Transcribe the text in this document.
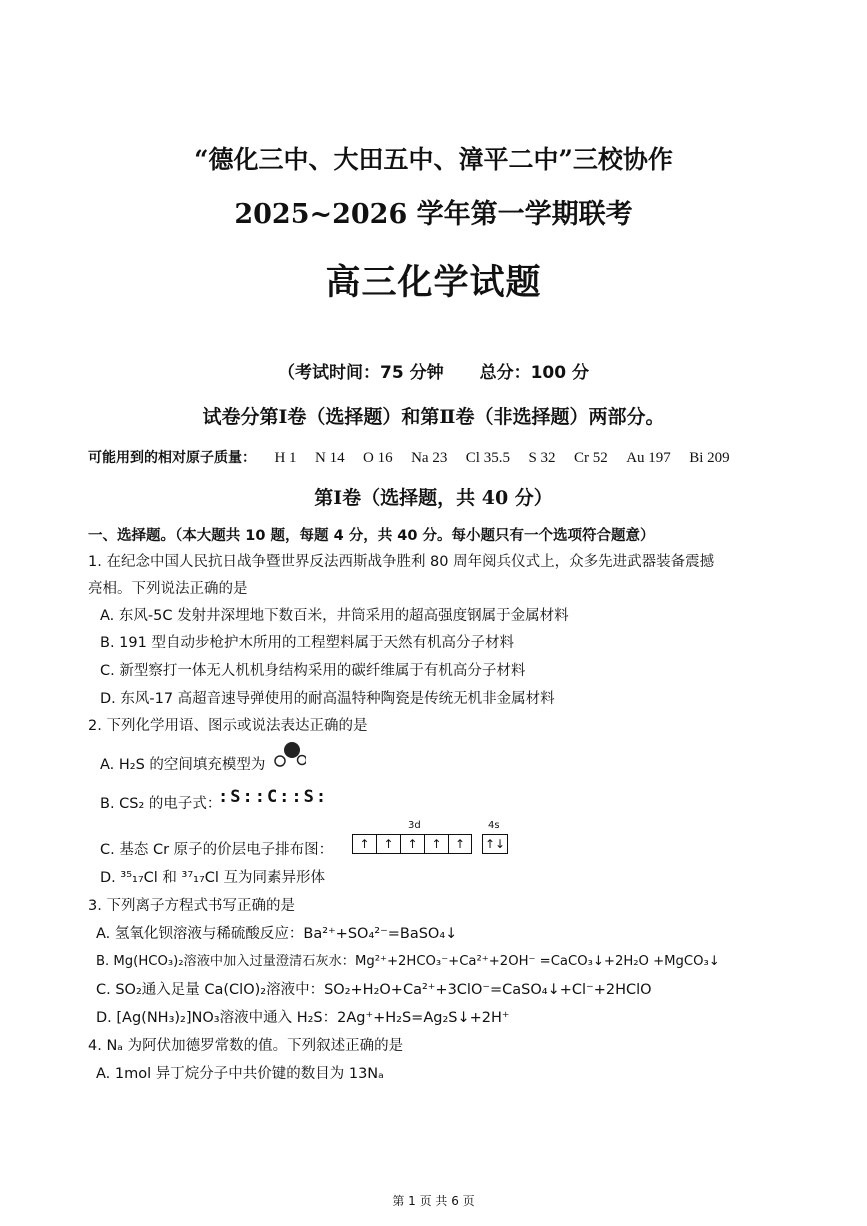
“德化三中、大田五中、漳平二中”三校协作
2025~2026 学年第一学期联考
高三化学试题
（考试时间：75 分钟 总分：100 分
试卷分第Ⅰ卷（选择题）和第Ⅱ卷（非选择题）两部分。
可能用到的相对原子质量： H 1 N 14 O 16 Na 23 Cl 35.5 S 32 Cr 52 Au 197 Bi 209
第Ⅰ卷（选择题，共 40 分）
一、选择题。（本大题共 10 题，每题 4 分，共 40 分。每小题只有一个选项符合题意）
1. 在纪念中国人民抗日战争暨世界反法西斯战争胜利 80 周年阅兵仪式上，众多先进武器装备震撼
亮相。下列说法正确的是
A. 东风-5C 发射井深埋地下数百米，井筒采用的超高强度钢属于金属材料
B. 191 型自动步枪护木所用的工程塑料属于天然有机高分子材料
C. 新型察打一体无人机机身结构采用的碳纤维属于有机高分子材料
D. 东风-17 高超音速导弹使用的耐高温特种陶瓷是传统无机非金属材料
2. 下列化学用语、图示或说法表达正确的是
A. H₂S 的空间填充模型为
B. CS₂ 的电子式：
:S::C::S:
C. 基态 Cr 原子的价层电子排布图：
3d	4s
↑	↑	↑	↑	↑	↑↓
D. ³⁵₁₇Cl 和 ³⁷₁₇Cl 互为同素异形体
3. 下列离子方程式书写正确的是
A. 氢氧化钡溶液与稀硫酸反应：Ba²⁺+SO₄²⁻=BaSO₄↓
B. Mg(HCO₃)₂溶液中加入过量澄清石灰水：Mg²⁺+2HCO₃⁻+Ca²⁺+2OH⁻ =CaCO₃↓+2H₂O +MgCO₃↓
C. SO₂通入足量 Ca(ClO)₂溶液中：SO₂+H₂O+Ca²⁺+3ClO⁻=CaSO₄↓+Cl⁻+2HClO
D. [Ag(NH₃)₂]NO₃溶液中通入 H₂S：2Ag⁺+H₂S=Ag₂S↓+2H⁺
4. Nₐ 为阿伏加德罗常数的值。下列叙述正确的是
A. 1mol 异丁烷分子中共价键的数目为 13Nₐ
第 1 页 共 6 页
